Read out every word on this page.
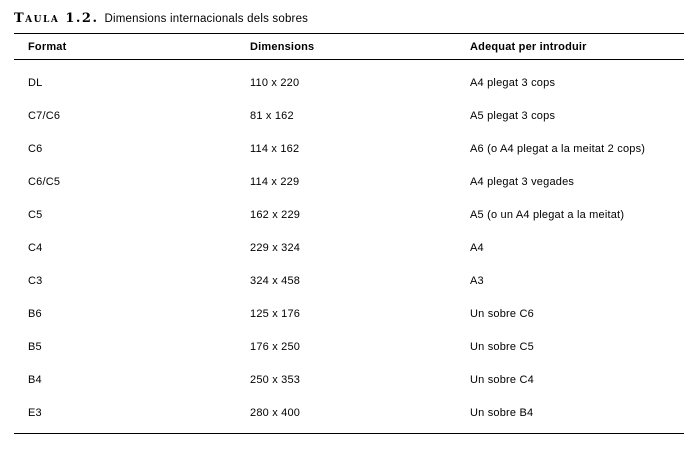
Taula 1.2. Dimensions internacionals dels sobres
Format	Dimensions	Adequat per introduir
DL	110 x 220	A4 plegat 3 cops
C7/C6	81 x 162	A5 plegat 3 cops
C6	114 x 162	A6 (o A4 plegat a la meitat 2 cops)
C6/C5	114 x 229	A4 plegat 3 vegades
C5	162 x 229	A5 (o un A4 plegat a la meitat)
C4	229 x 324	A4
C3	324 x 458	A3
B6	125 x 176	Un sobre C6
B5	176 x 250	Un sobre C5
B4	250 x 353	Un sobre C4
E3	280 x 400	Un sobre B4
